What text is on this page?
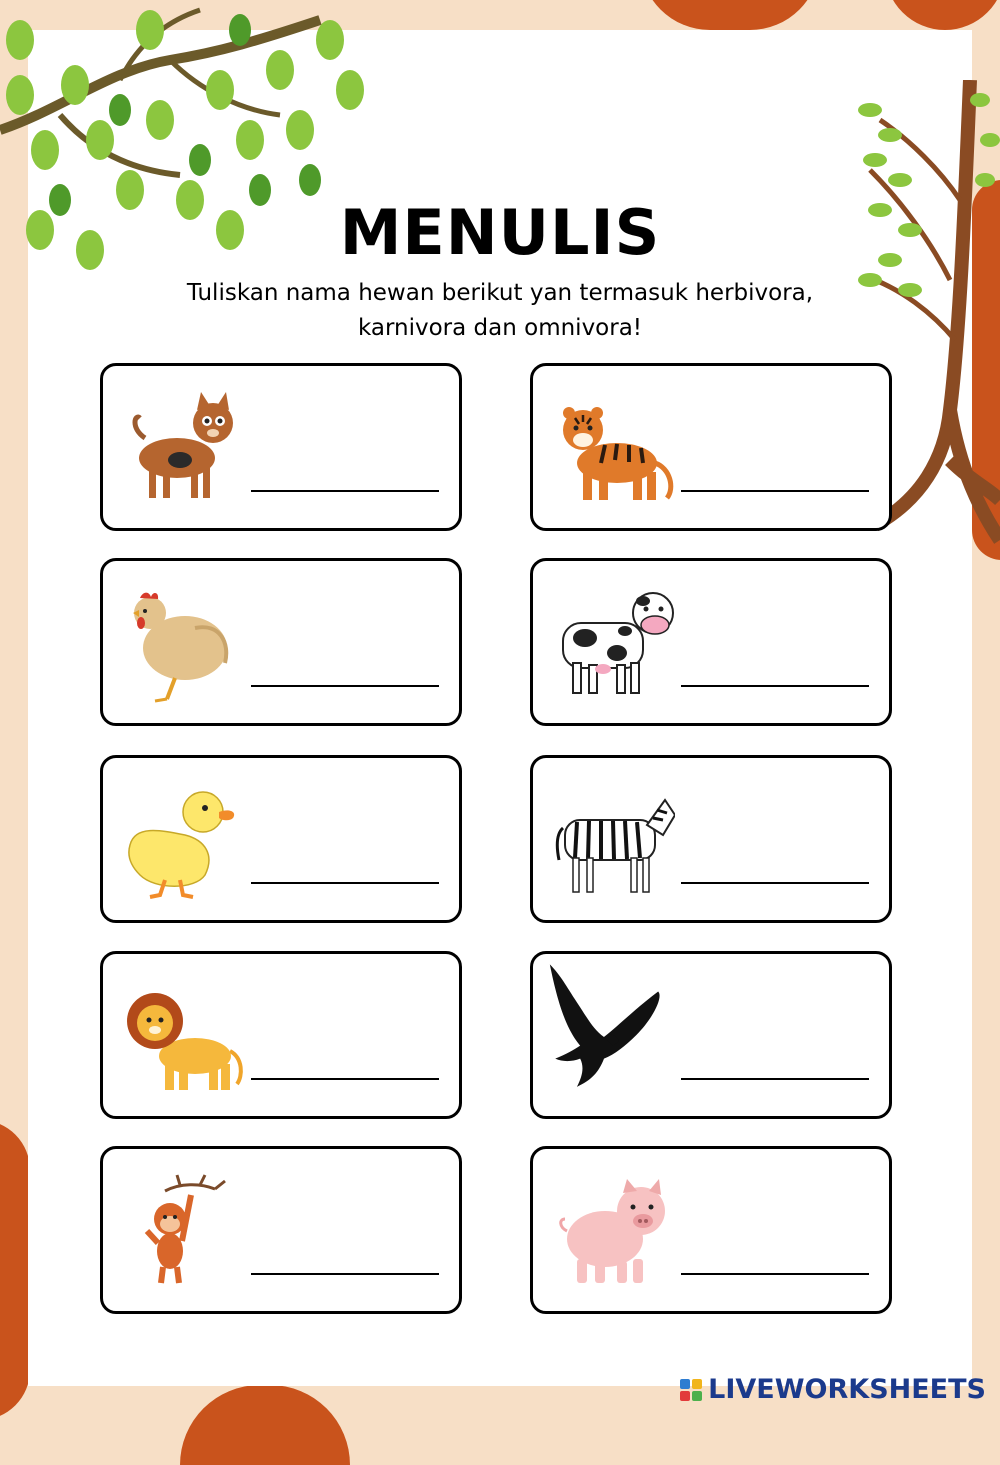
MENULIS
Tuliskan nama hewan berikut yan termasuk herbivora,
karnivora dan omnivora!
LIVEWORKSHEETS
